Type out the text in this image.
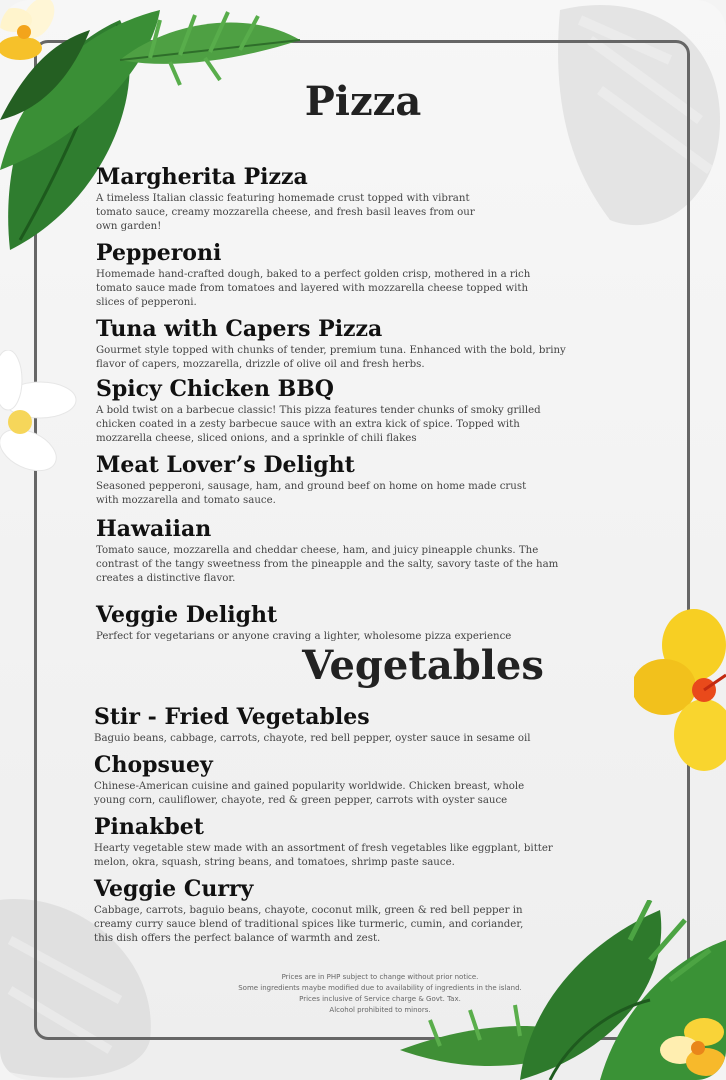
Pizza
Margherita Pizza

A timeless Italian classic featuring homemade crust topped with vibrant tomato sauce, creamy mozzarella cheese, and fresh basil leaves from our own garden!

Pepperoni

Homemade hand-crafted dough, baked to a perfect golden crisp, mothered in a rich tomato sauce made from tomatoes and layered with mozzarella cheese topped with slices of pepperoni.

Tuna with Capers Pizza

Gourmet style topped with chunks of tender, premium tuna. Enhanced with the bold, briny flavor of capers, mozzarella, drizzle of olive oil and fresh herbs.

Spicy Chicken BBQ

A bold twist on a barbecue classic! This pizza features tender chunks of smoky grilled chicken coated in a zesty barbecue sauce with an extra kick of spice. Topped with mozzarella cheese, sliced onions, and a sprinkle of chili flakes

Meat Lover’s Delight

Seasoned pepperoni, sausage, ham, and ground beef on home on home made crust with mozzarella and tomato sauce.

Hawaiian

Tomato sauce, mozzarella and cheddar cheese, ham, and juicy pineapple chunks. The contrast of the tangy sweetness from the pineapple and the salty, savory taste of the ham creates a distinctive flavor.

Veggie Delight

Perfect for vegetarians or anyone craving a lighter, wholesome pizza experience

Vegetables
Stir - Fried Vegetables

Baguio beans, cabbage, carrots, chayote, red bell pepper, oyster sauce in sesame oil

Chopsuey

Chinese-American cuisine and gained popularity worldwide. Chicken breast, whole young corn, cauliflower, chayote, red & green pepper, carrots with oyster sauce

Pinakbet

Hearty vegetable stew made with an assortment of fresh vegetables like eggplant, bitter melon, okra, squash, string beans, and tomatoes, shrimp paste sauce.

Veggie Curry

Cabbage, carrots, baguio beans, chayote, coconut milk, green & red bell pepper in creamy curry sauce blend of traditional spices like turmeric, cumin, and coriander, this dish offers the perfect balance of warmth and zest.

Prices are in PHP subject to change without prior notice.
Some ingredients maybe modified due to availability of ingredients in the island.
Prices inclusive of Service charge & Govt. Tax.
Alcohol prohibited to minors.
